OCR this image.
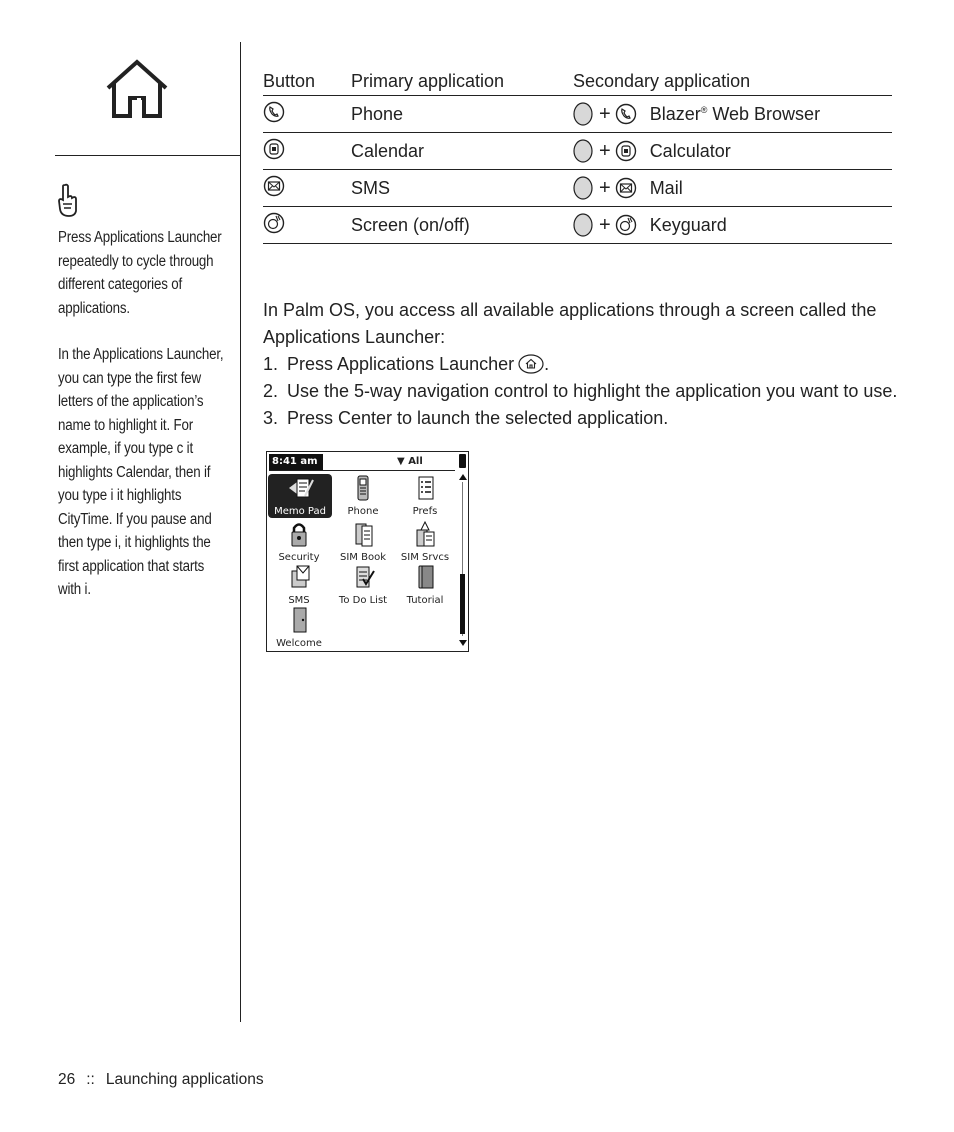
Press Applications Launcher
repeatedly to cycle through
different categories of
applications.
In the Applications Launcher,
you can type the first few
letters of the application’s
name to highlight it. For
example, if you type c it
highlights Calendar, then if
you type i it highlights
CityTime. If you pause and
then type i, it highlights the
first application that starts
with i.
Button	Primary application	Secondary application
	Phone	+ Blazer® Web Browser

	Calendar	+ Calculator

	SMS	+ Mail

	Screen (on/off)	+ Keyguard

In Palm OS, you access all available applications through a screen called the Applications Launcher:

1. Press Applications Launcher .
2. Use the 5-way navigation control to highlight the application you want to use.
3. Press Center to launch the selected application.
8:41 am	▼ All
Memo Pad	Phone	Prefs
Security	SIM Book	SIM Srvcs
SMS	To Do List	Tutorial
Welcome
26 :: Launching applications
